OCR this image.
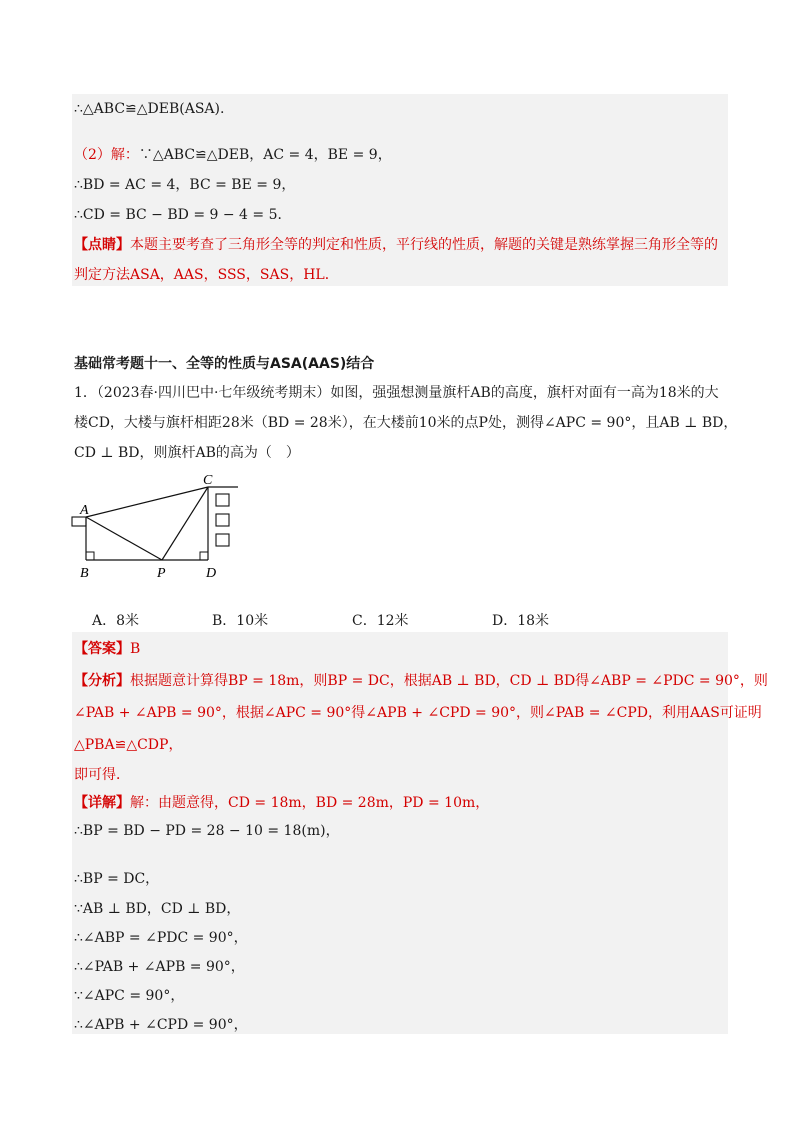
∴△ABC≌△DEB(ASA).
（2）解：∵△ABC≌△DEB，AC = 4，BE = 9，
∴BD = AC = 4，BC = BE = 9，
∴CD = BC − BD = 9 − 4 = 5．
【点睛】本题主要考查了三角形全等的判定和性质，平行线的性质，解题的关键是熟练掌握三角形全等的
判定方法ASA，AAS，SSS，SAS，HL．
基础常考题十一、全等的性质与ASA(AAS)结合
1．（2023春·四川巴中·七年级统考期末）如图，强强想测量旗杆AB的高度，旗杆对面有一高为18米的大
楼CD，大楼与旗杆相距28米（BD = 28米），在大楼前10米的点P处，测得∠APC = 90°，且AB ⊥ BD，
CD ⊥ BD，则旗杆AB的高为（　）
A
B	P	D
C
A．8米	B．10米	C．12米	D．18米
【答案】B
【分析】根据题意计算得BP = 18m，则BP = DC，根据AB ⊥ BD，CD ⊥ BD得∠ABP = ∠PDC = 90°，则
∠PAB + ∠APB = 90°，根据∠APC = 90°得∠APB + ∠CPD = 90°，则∠PAB = ∠CPD，利用AAS可证明
△PBA≌△CDP，
即可得．
【详解】解：由题意得，CD = 18m，BD = 28m，PD = 10m，
∴BP = BD − PD = 28 − 10 = 18(m)，
∴BP = DC，
∵AB ⊥ BD，CD ⊥ BD，
∴∠ABP = ∠PDC = 90°，
∴∠PAB + ∠APB = 90°，
∵∠APC = 90°，
∴∠APB + ∠CPD = 90°，
